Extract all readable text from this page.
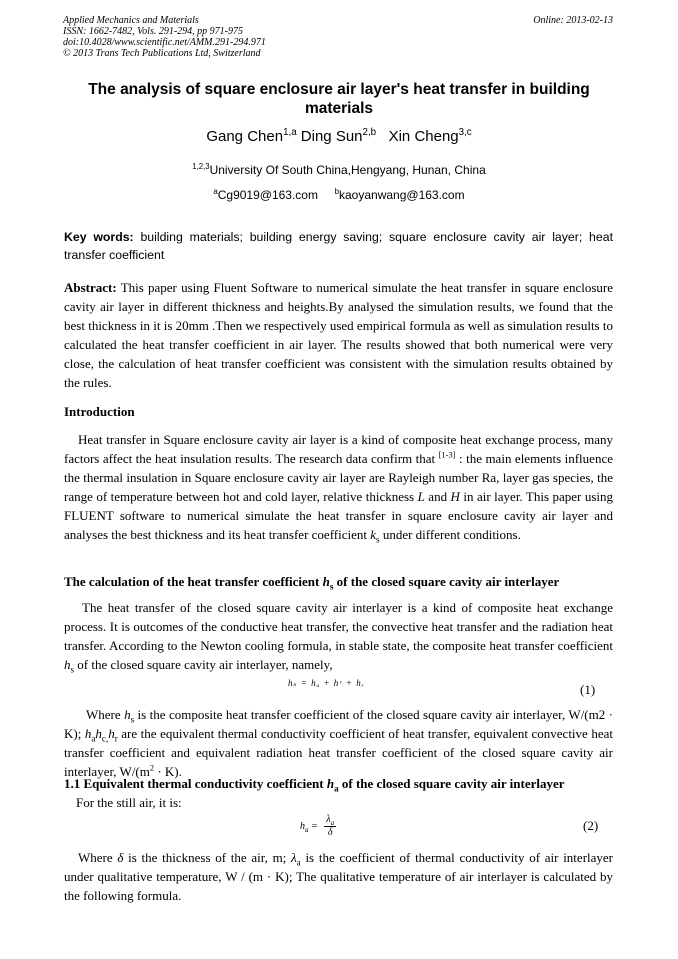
Applied Mechanics and Materials
ISSN: 1662-7482, Vols. 291-294, pp 971-975
doi:10.4028/www.scientific.net/AMM.291-294.971
© 2013 Trans Tech Publications Ltd, Switzerland
Online: 2013-02-13
The analysis of square enclosure air layer's heat transfer in building materials
Gang Chen$^{1,a}$ Ding Sun$^{2,b}$ Xin Cheng$^{3,c}$
$^{1,2,3}$University Of South China,Hengyang, Hunan, China
$^a$Cg9019@163.com $^b$kaoyanwang@163.com
Key words: building materials; building energy saving; square enclosure cavity air layer; heat transfer coefficient
Abstract: This paper using Fluent Software to numerical simulate the heat transfer in square enclosure cavity air layer in different thickness and heights.By analysed the simulation results, we found that the best thickness in it is 20mm .Then we respectively used empirical formula as well as simulation results to calculated the heat transfer coefficient in air layer. The results showed that both numerical were very close, the calculation of heat transfer coefficient was consistent with the simulation results obtained by the rules.
Introduction
Heat transfer in Square enclosure cavity air layer is a kind of composite heat exchange process, many factors affect the heat insulation results. The research data confirm that [1-3] : the main elements influence the thermal insulation in Square enclosure cavity air layer are Rayleigh number Ra, layer gas species, the range of temperature between hot and cold layer, relative thickness L and H in air layer. This paper using FLUENT software to numerical simulate the heat transfer in square enclosure cavity air layer and analyses the best thickness and its heat transfer coefficient $k_s$ under different conditions.
The calculation of the heat transfer coefficient $h_s$ of the closed square cavity air interlayer
The heat transfer of the closed square cavity air interlayer is a kind of composite heat exchange process. It is outcomes of the conductive heat transfer, the convective heat transfer and the radiation heat transfer. According to the Newton cooling formula, in stable state, the composite heat transfer coefficient $h_s$ of the closed square cavity air interlayer, namely,
hₛ = hₐ + hᶜ + hᵣ	(1)
Where $h_s$ is the composite heat transfer coefficient of the closed square cavity air interlayer, W/(m2 · K); $h_ah_{c,}h_r$ are the equivalent thermal conductivity coefficient of heat transfer, equivalent convective heat transfer coefficient and equivalent radiation heat transfer coefficient of the closed square cavity air interlayer, $W/(m^2 \cdot K)$.
1.1 Equivalent thermal conductivity coefficient $h_a$ of the closed square cavity air interlayer
For the still air, it is:
$h_a = \frac{\lambda_a}{\delta}$	(2)
Where δ is the thickness of the air, m; $\lambda_a$ is the coefficient of thermal conductivity of air interlayer under qualitative temperature, W / (m · K); The qualitative temperature of air interlayer is calculated by the following formula.
